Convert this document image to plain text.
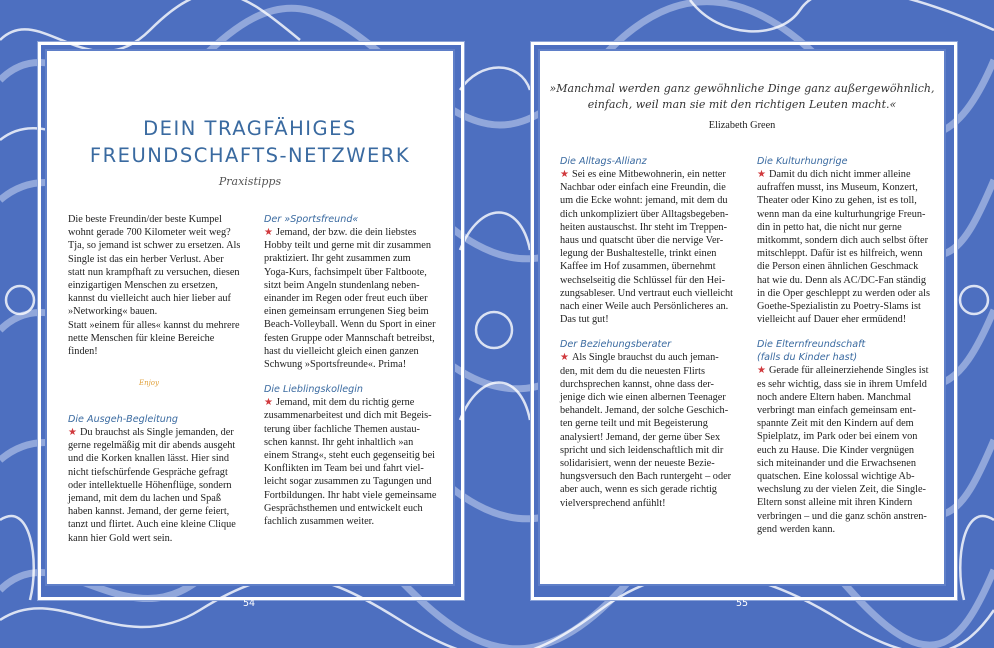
DEIN TRAGFÄHIGES
FREUNDSCHAFTS-NETZWERK
Praxistipps
Die beste Freundin/der beste Kumpel
wohnt gerade 700 Kilometer weit weg?
Tja, so jemand ist schwer zu ersetzen. Als
Single ist das ein herber Verlust. Aber
statt nun krampfhaft zu versuchen, diesen
einzigartigen Menschen zu ersetzen,
kannst du vielleicht auch hier lieber auf
»Networking« bauen.
Statt »einem für alles« kannst du mehrere
nette Menschen für kleine Bereiche
finden!
Enjoy
Die Ausgeh-Begleitung
★ Du brauchst als Single jemanden, der
gerne regelmäßig mit dir abends ausgeht
und die Korken knallen lässt. Hier sind
nicht tiefschürfende Gespräche gefragt
oder intellektuelle Höhenflüge, sondern
jemand, mit dem du lachen und Spaß
haben kannst. Jemand, der gerne feiert,
tanzt und flirtet. Auch eine kleine Clique
kann hier Gold wert sein.
Der »Sportsfreund«
★ Jemand, der bzw. die dein liebstes
Hobby teilt und gerne mit dir zusammen
praktiziert. Ihr geht zusammen zum
Yoga-Kurs, fachsimpelt über Faltboote,
sitzt beim Angeln stundenlang neben-
einander im Regen oder freut euch über
einen gemeinsam errungenen Sieg beim
Beach-Volleyball. Wenn du Sport in einer
festen Gruppe oder Mannschaft betreibst,
hast du vielleicht gleich einen ganzen
Schwung »Sportsfreunde«. Prima!
Die Lieblingskollegin
★ Jemand, mit dem du richtig gerne
zusammenarbeitest und dich mit Begeis-
terung über fachliche Themen austau-
schen kannst. Ihr geht inhaltlich »an
einem Strang«, steht euch gegenseitig bei
Konflikten im Team bei und fahrt viel-
leicht sogar zusammen zu Tagungen und
Fortbildungen. Ihr habt viele gemeinsame
Gesprächsthemen und entwickelt euch
fachlich zusammen weiter.
»Manchmal werden ganz gewöhnliche Dinge ganz außergewöhnlich,
einfach, weil man sie mit den richtigen Leuten macht.«
Elizabeth Green
Die Alltags-Allianz
★ Sei es eine Mitbewohnerin, ein netter
Nachbar oder einfach eine Freundin, die
um die Ecke wohnt: jemand, mit dem du
dich unkompliziert über Alltagsbegeben-
heiten austauschst. Ihr steht im Treppen-
haus und quatscht über die nervige Ver-
legung der Bushaltestelle, trinkt einen
Kaffee im Hof zusammen, übernehmt
wechselseitig die Schlüssel für den Hei-
zungsableser. Und vertraut euch vielleicht
nach einer Weile auch Persönlicheres an.
Das tut gut!
Der Beziehungsberater
★ Als Single brauchst du auch jeman-
den, mit dem du die neuesten Flirts
durchsprechen kannst, ohne dass der-
jenige dich wie einen albernen Teenager
behandelt. Jemand, der solche Geschich-
ten gerne teilt und mit Begeisterung
analysiert! Jemand, der gerne über Sex
spricht und sich leidenschaftlich mit dir
solidarisiert, wenn der neueste Bezie-
hungsversuch den Bach runtergeht – oder
aber auch, wenn es sich gerade richtig
vielversprechend anfühlt!
Die Kulturhungrige
★ Damit du dich nicht immer alleine
aufraffen musst, ins Museum, Konzert,
Theater oder Kino zu gehen, ist es toll,
wenn man da eine kulturhungrige Freun-
din in petto hat, die nicht nur gerne
mitkommt, sondern dich auch selbst öfter
mitschleppt. Dafür ist es hilfreich, wenn
die Person einen ähnlichen Geschmack
hat wie du. Denn als AC/DC-Fan ständig
in die Oper geschleppt zu werden oder als
Goethe-Spezialistin zu Poetry-Slams ist
vielleicht auf Dauer eher ermüdend!
Die Elternfreundschaft
(falls du Kinder hast)
★ Gerade für alleinerziehende Singles ist
es sehr wichtig, dass sie in ihrem Umfeld
noch andere Eltern haben. Manchmal
verbringt man einfach gemeinsam ent-
spannte Zeit mit den Kindern auf dem
Spielplatz, im Park oder bei einem von
euch zu Hause. Die Kinder vergnügen
sich miteinander und die Erwachsenen
quatschen. Eine kolossal wichtige Ab-
wechslung zu der vielen Zeit, die Single-
Eltern sonst alleine mit ihren Kindern
verbringen – und die ganz schön anstren-
gend werden kann.
54	55
